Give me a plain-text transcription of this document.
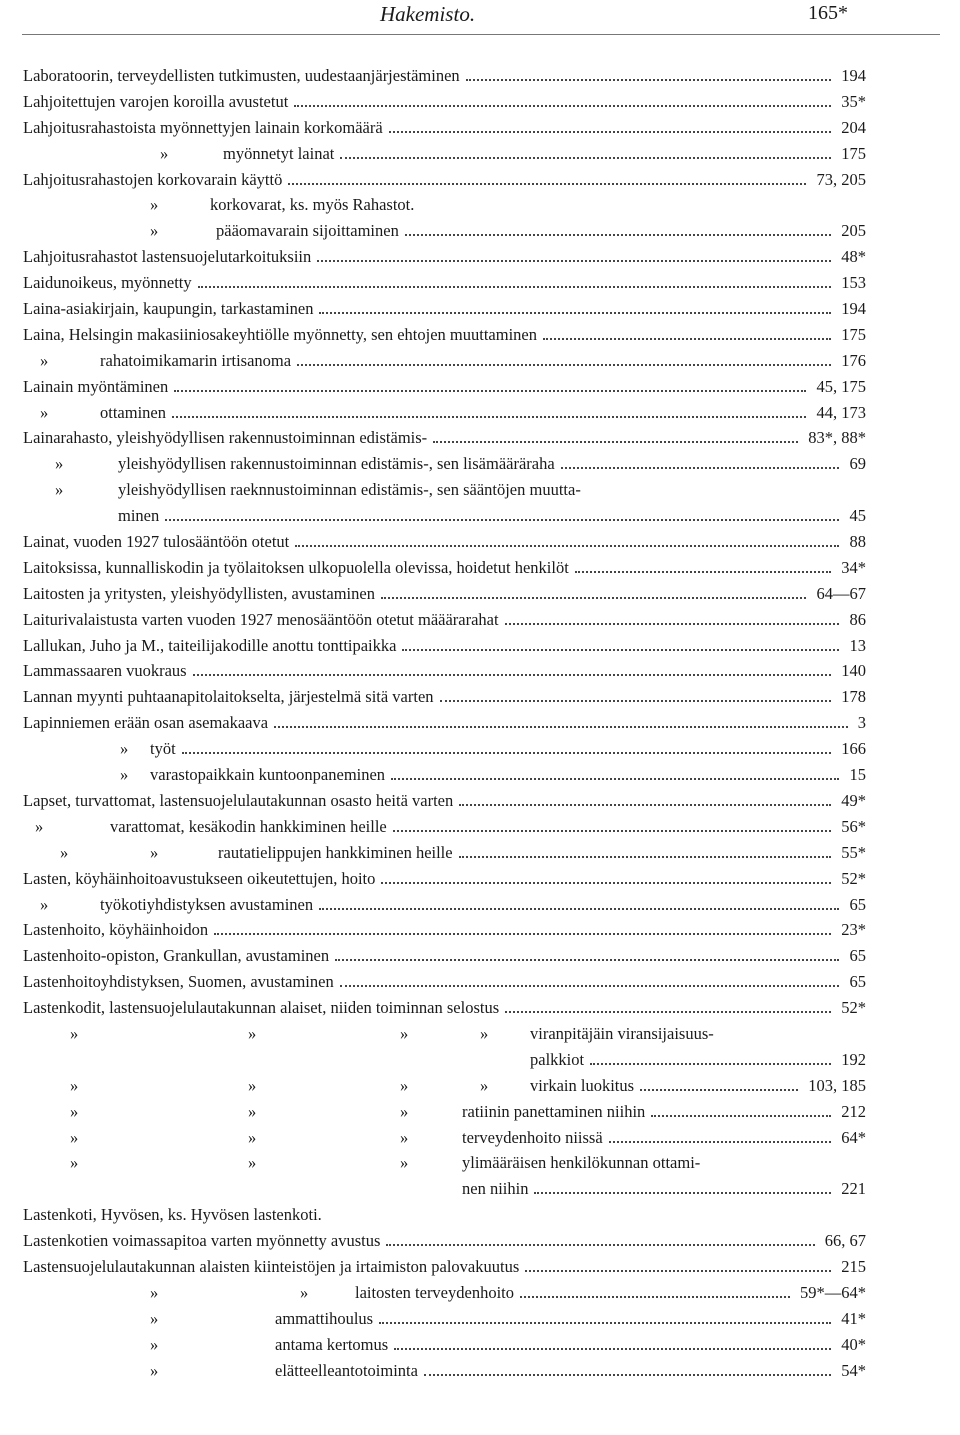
Hakemisto.	165*
Laboratoorin, terveydellisten tutkimusten, uudestaanjärjestäminen	194
Lahjoitettujen varojen koroilla avustetut	35*
Lahjoitusrahastoista myönnettyjen lainain korkomäärä	204
»	myönnetyt lainat	175
Lahjoitusrahastojen korkovarain käyttö	73, 205
»	korkovarat, ks. myös Rahastot.
»	pääomavarain sijoittaminen	205
Lahjoitusrahastot lastensuojelutarkoituksiin	48*
Laidunoikeus, myönnetty	153
Laina-asiakirjain, kaupungin, tarkastaminen	194
Laina, Helsingin makasiiniosakeyhtiölle myönnetty, sen ehtojen muuttaminen	175
»	rahatoimikamarin irtisanoma	176
Lainain myöntäminen	45, 175
»	ottaminen	44, 173
Lainarahasto, yleishyödyllisen rakennustoiminnan edistämis-	83*, 88*
»	yleishyödyllisen rakennustoiminnan edistämis-, sen lisämääräraha	69
»	yleishyödyllisen raeknnustoiminnan edistämis-, sen sääntöjen muutta-
minen	45
Lainat, vuoden 1927 tulosääntöön otetut	88
Laitoksissa, kunnalliskodin ja työlaitoksen ulkopuolella olevissa, hoidetut henkilöt	34*
Laitosten ja yritysten, yleishyödyllisten, avustaminen	64—67
Laiturivalaistusta varten vuoden 1927 menosääntöön otetut määärarahat	86
Lallukan, Juho ja M., taiteilijakodille anottu tonttipaikka	13
Lammassaaren vuokraus	140
Lannan myynti puhtaanapitolaitokselta, järjestelmä sitä varten	178
Lapinniemen erään osan asemakaava	3
» työt	166
» varastopaikkain kuntoonpaneminen	15
Lapset, turvattomat, lastensuojelulautakunnan osasto heitä varten	49*
»	varattomat, kesäkodin hankkiminen heille	56*
»	»	rautatielippujen hankkiminen heille	55*
Lasten, köyhäinhoitoavustukseen oikeutettujen, hoito	52*
»	työkotiyhdistyksen avustaminen	65
Lastenhoito, köyhäinhoidon	23*
Lastenhoito-opiston, Grankullan, avustaminen	65
Lastenhoitoyhdistyksen, Suomen, avustaminen	65
Lastenkodit, lastensuojelulautakunnan alaiset, niiden toiminnan selostus	52*
»	»	»	»	viranpitäjäin viransijaisuus-
palkkiot	192
»	»	»	»	virkain luokitus	103, 185
»	»	»	ratiinin panettaminen niihin	212
»	»	»	terveydenhoito niissä	64*
»	»	»	ylimääräisen henkilökunnan ottami-
nen niihin	221
Lastenkoti, Hyvösen, ks. Hyvösen lastenkoti.
Lastenkotien voimassapitoa varten myönnetty avustus	66, 67
Lastensuojelulautakunnan alaisten kiinteistöjen ja irtaimiston palovakuutus	215
»	»	laitosten terveydenhoito	59*—64*
»	ammattihoulus	41*
»	antama kertomus	40*
»	elätteelleantotoiminta	54*
